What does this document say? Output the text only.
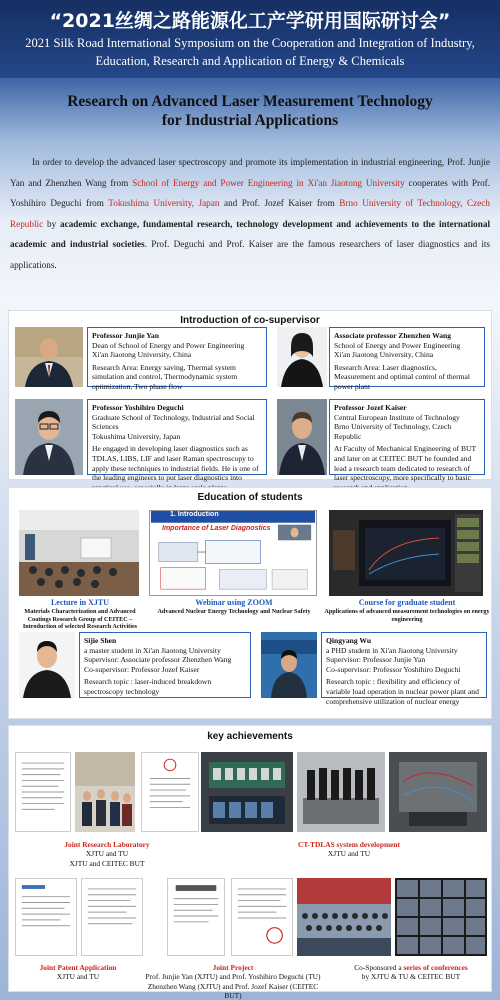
“2021丝绸之路能源化工产学研用国际研讨会”
2021 Silk Road International Symposium on the Cooperation and Integration of Industry, Education, Research and Application of Energy & Chemicals
Research on Advanced Laser Measurement Technology
for Industrial Applications
In order to develop the advanced laser spectroscopy and promote its implementation in industrial engineering, Prof. Junjie Yan and Zhenzhen Wang from School of Energy and Power Engineering in Xi'an Jiaotong University cooperates with Prof. Yoshihiro Deguchi from Tokushima University, Japan and Prof. Jozef Kaiser from Brno University of Technology, Czech Republic by academic exchange, fundamental research, technology development and achievements to the international academic and industrial societies. Prof. Deguchi and Prof. Kaiser are the famous researchers of laser diagnostics and its applications.
Introduction of co-supervisor

Professor Junjie Yan
Dean of School of Energy and Power Engineering
Xi'an Jiaotong University, China

Research Area: Energy saving, Thermal system simulation and control, Thermodynamic system optimization, Two phase flow

Associate professor Zhenzhen Wang
School of Energy and Power Engineering
Xi'an Jiaotong University, China

Research Area: Laser diagnostics, Measurement and optimal control of thermal power plant

Professor Yoshihiro Deguchi
Graduate School of Technology, Industrial and Social Sciences
Tokushima University, Japan

He engaged in developing laser diagnostics such as TDLAS, LIBS, LIF and laser Raman spectroscopy to apply these techniques to industrial fields. He is one of the leading engineers to put laser diagnostics into

Professor Jozef Kaiser
Central European Institute of Technology
Brno University of Technology, Czech Republic

At Faculty of Mechanical Engineering of BUT and later on at CEITEC BUT he founded and lead a research team dedicated to research of laser spectroscopy, more specifically to basic

Education of students
1. Introduction
Importance of Laser Diagnostics
Lecture in XJTU
Materials Characterization and Advanced Coatings Research Group of CEITEC – Introduction of selected Research Activities
Webinar using ZOOM
Advanced Nuclear Energy Technology and Nuclear Safety
Course for graduate student
Applications of advanced measurement technologies on energy engineering

Sijie Shen
a master student in Xi'an Jiaotong University
Supervisor: Associate professor Zhenzhen Wang
Co-supervisor: Professor Jozef Kaiser

Research topic : laser-induced breakdown spectroscopy technology

Qingyang Wu
a PHD student in Xi'an Jiaotong University
Supervisor: Professor Junjie Yan
Co-supervisor: Professor Yoshihiro Deguchi

Research topic : flexibility and efficiency of variable load operation in nuclear power plant and comprehensive utilization of nuclear energy

key achievements
Joint Research Laboratory
XJTU and TU
XJTU and CEITEC BUT
CT-TDLAS system development
XJTU and TU
Joint Patent Application
XJTU and TU
Joint Project
Prof. Junjie Yan (XJTU) and Prof. Yoshihiro Deguchi (TU)
Zhenzhen Wang (XJTU) and Prof. Jozef Kaiser (CEITEC BUT)
Co-Sponsored a series of conferences
by XJTU & TU & CEITEC BUT
